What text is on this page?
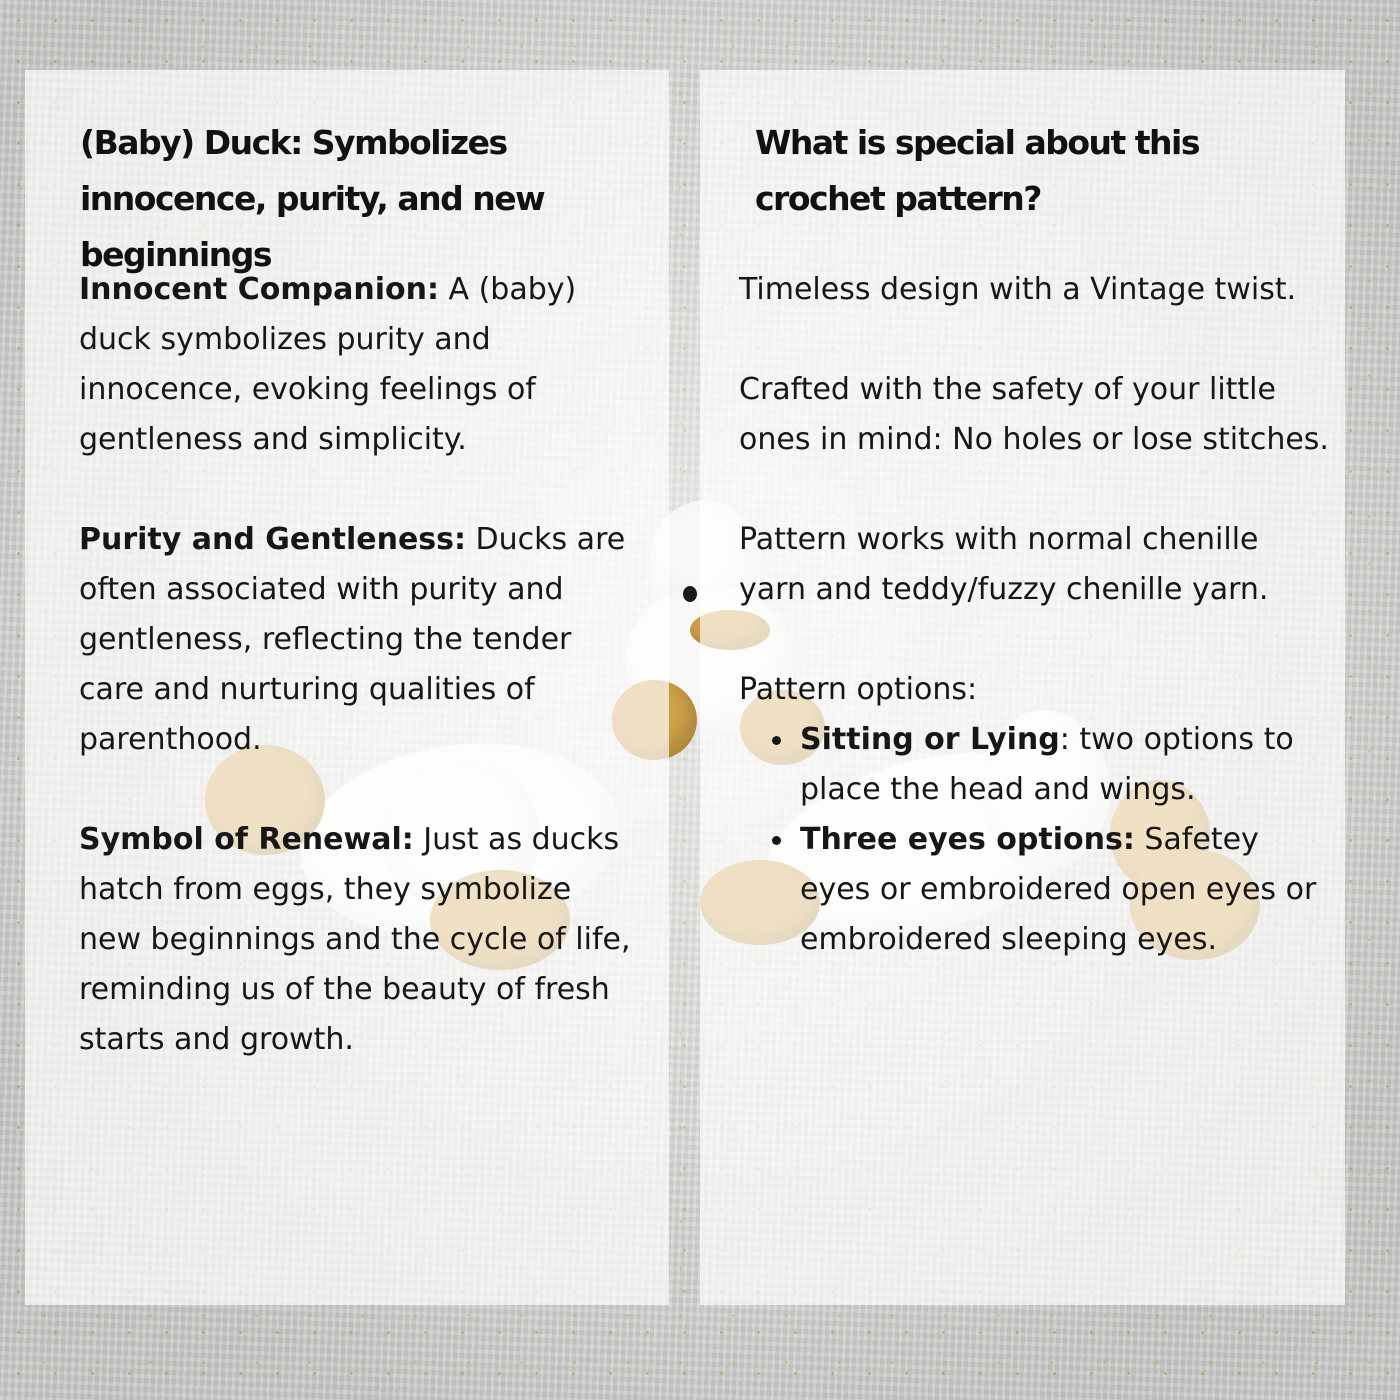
(Baby) Duck: Symbolizes innocence, purity, and new beginnings

Innocent Companion: A (baby) duck symbolizes purity and innocence, evoking feelings of gentleness and simplicity.

Purity and Gentleness: Ducks are often associated with purity and gentleness, reflecting the tender care and nurturing qualities of parenthood.

Symbol of Renewal: Just as ducks hatch from eggs, they symbolize new beginnings and the cycle of life, reminding us of the beauty of fresh starts and growth.

What is special about this crochet pattern?

Timeless design with a Vintage twist.

Crafted with the safety of your little ones in mind: No holes or lose stitches.

Pattern works with normal chenille yarn and teddy/fuzzy chenille yarn.

Pattern options:

Sitting or Lying: two options to place the head and wings.
Three eyes options: Safetey eyes or embroidered open eyes or embroidered sleeping eyes.
